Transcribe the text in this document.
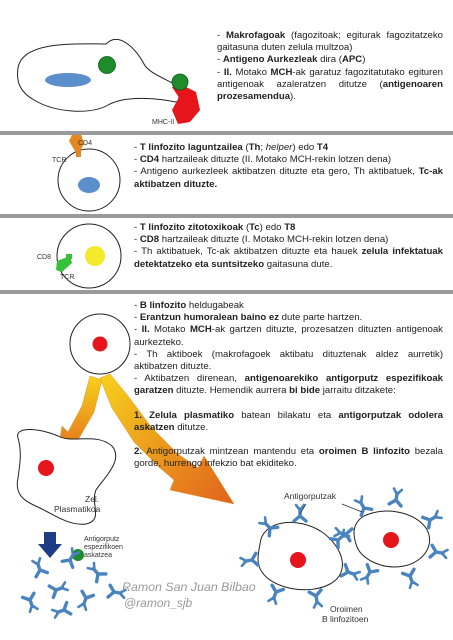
MHC-II
CD4
TCR
CD8
TCR
Zel.
Plasmatikoa
Antigorputz
espezifikoen
askatzea
Antigorputzak
Oroimen
B linfozitoen
Ramon San Juan Bilbao
@ramon_sjb

- Makrofagoak (fagozitoak; egiturak fagozitatzeko gaitasuna duten zelula multzoa)

- Antigeno Aurkezleak dira (APC)

- II. Motako MCH-ak garatuz fagozitatutako egituren antigenoak azaleratzen ditutze (antigenoaren prozesamendua).

- T linfozito laguntzailea (Th; helper) edo T4

- CD4 hartzaileak dituzte (II. Motako MCH-rekin lotzen dena)

- Antigeno aurkezleek aktibatzen dituzte eta gero, Th aktibatuek, Tc-ak aktibatzen dituzte.

- T linfozito zitotoxikoak (Tc) edo T8

- CD8 hartzaileak dituzte (I. Motako MCH-rekin lotzen dena)

- Th aktibatuek, Tc-ak aktibatzen dituzte eta hauek zelula infektatuak detektatzeko eta suntsitzeko gaitasuna dute.

- B linfozito heldugabeak

- Erantzun humoralean baino ez dute parte hartzen.

- II. Motako MCH-ak gartzen dituzte, prozesatzen dituzten antigenoak aurkezteko.

- Th aktiboek (makrofagoek aktibatu dituztenak aldez aurretik) aktibatzen dituzte.

- Aktibatzen direnean, antigenoarekiko antigorputz espezifikoak garatzen dituzte. Hemendik aurrera bi bide jarraitu ditzakete:

1. Zelula plasmatiko batean bilakatu eta antigorputzak odolera askatzen ditutze.

2. Antigorputzak mintzean mantendu eta oroimen B linfozito bezala gorde, hurrengo infekzio bat ekiditeko.
